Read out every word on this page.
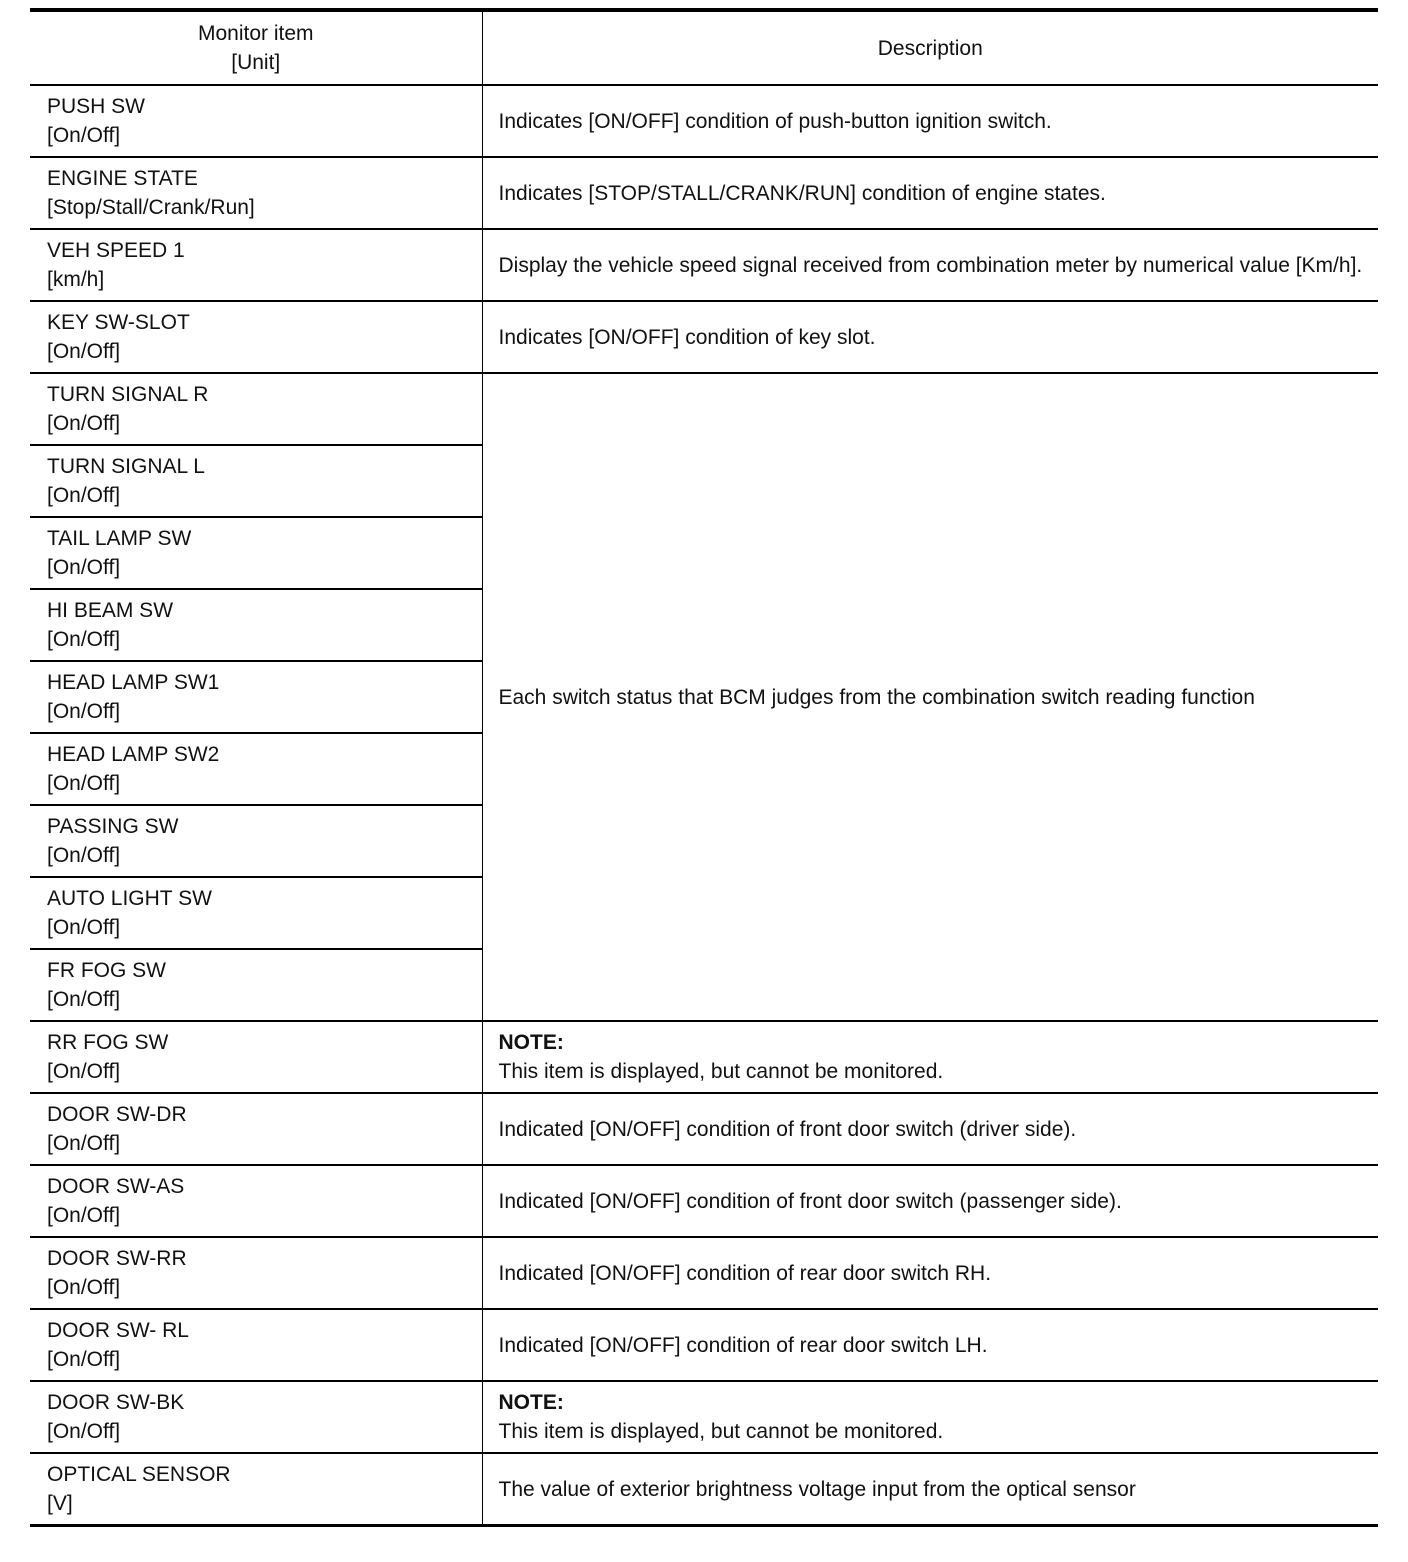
Monitor item
[Unit]	Description

PUSH SW
[On/Off]	Indicates [ON/OFF] condition of push-button ignition switch.

ENGINE STATE
[Stop/Stall/Crank/Run]	Indicates [STOP/STALL/CRANK/RUN] condition of engine states.

VEH SPEED 1
[km/h]	Display the vehicle speed signal received from combination meter by numerical value [Km/h].

KEY SW-SLOT
[On/Off]	Indicates [ON/OFF] condition of key slot.

TURN SIGNAL R
[On/Off]	Each switch status that BCM judges from the combination switch reading function

TURN SIGNAL L
[On/Off]	

TAIL LAMP SW
[On/Off]	

HI BEAM SW
[On/Off]	

HEAD LAMP SW1
[On/Off]	

HEAD LAMP SW2
[On/Off]	

PASSING SW
[On/Off]	

AUTO LIGHT SW
[On/Off]	

FR FOG SW
[On/Off]	

RR FOG SW
[On/Off]	NOTE:
This item is displayed, but cannot be monitored.

DOOR SW-DR
[On/Off]	Indicated [ON/OFF] condition of front door switch (driver side).

DOOR SW-AS
[On/Off]	Indicated [ON/OFF] condition of front door switch (passenger side).

DOOR SW-RR
[On/Off]	Indicated [ON/OFF] condition of rear door switch RH.

DOOR SW- RL
[On/Off]	Indicated [ON/OFF] condition of rear door switch LH.

DOOR SW-BK
[On/Off]	NOTE:
This item is displayed, but cannot be monitored.

OPTICAL SENSOR
[V]	The value of exterior brightness voltage input from the optical sensor
